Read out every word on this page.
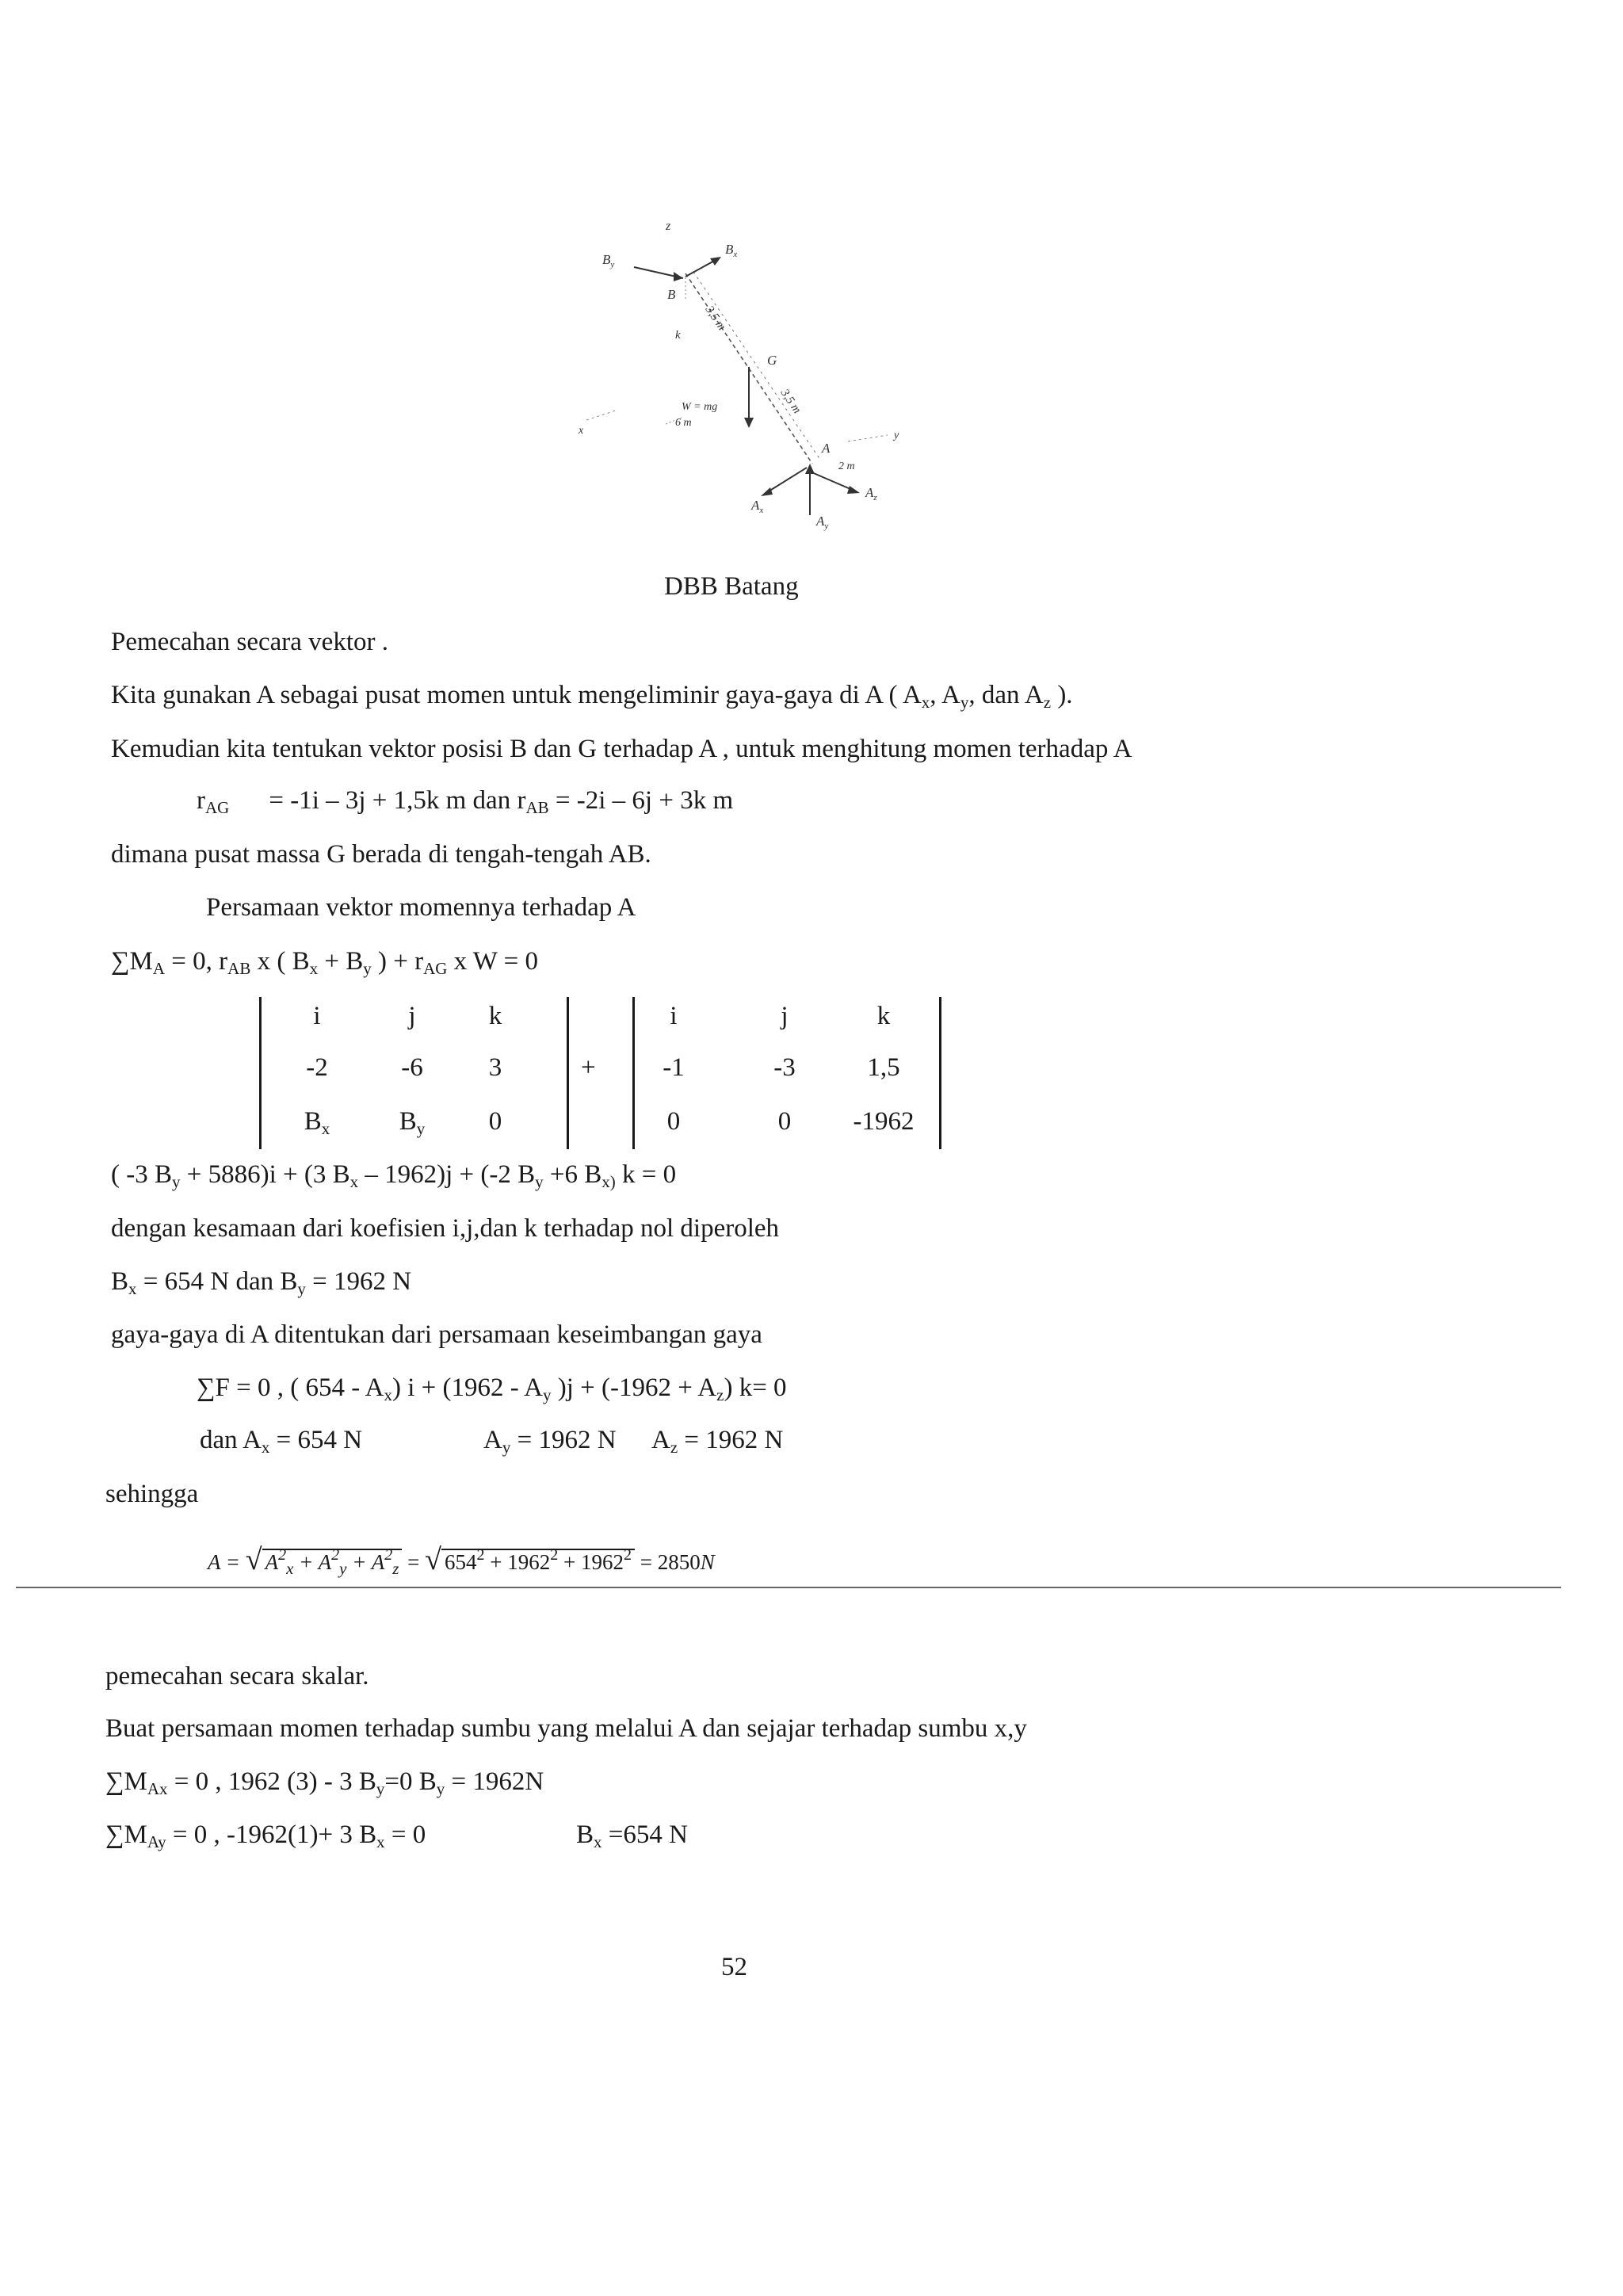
z
$B_y$
$B_x$
B
k
3,5 m
G
W = mg
6 m
x	y
3,5 m
A
2 m
$A_x$
$A_z$
$A_y$
DBB Batang
Pemecahan secara vektor .
Kita gunakan A sebagai pusat momen untuk mengeliminir gaya-gaya di A ( $A_x$, $A_y$, dan $A_z$ ).
Kemudian kita tentukan vektor posisi B dan G terhadap A , untuk menghitung momen terhadap A
$r_{AG} = -1i - 3j + 1,5k$ m dan $r_{AB} = -2i - 6j + 3k$ m
dimana pusat massa G berada di tengah-tengah AB.
Persamaan vektor momennya terhadap A
$\sum M_A = 0$, $r_{AB}$ x ( $B_x + B_y$ ) + $r_{AG}$ x W = 0
i	j	k
-2	-6	3
$B_x$	$B_y$	0
+
i	j	k
-1	-3	1,5
0	0	-1962
( -3 $B_y + 5886)i + (3$ $B_x - 1962)j + (-2$ $B_y +6$ $B_{x)}$ k = 0
dengan kesamaan dari koefisien i,j,dan k terhadap nol diperoleh
$B_x = 654$ N dan $B_y = 1962$ N
gaya-gaya di A ditentukan dari persamaan keseimbangan gaya
∑F = 0 , ( $654 - A_x$) $i + (1962 - A_y$ )$j + (-1962 + A_z)$ k= 0
dan $A_x = 654$ N	$A_y = 1962$ N $A_z = 1962$ N
sehingga
A = √ $A^2_x + A^2_y + A^2_z$ = √ $654^2 + 1962^2 + 1962^2 = 2850N$
pemecahan secara skalar.
Buat persamaan momen terhadap sumbu yang melalui A dan sejajar terhadap sumbu x,y
$\sum M_{Ax} = 0$ , 1962 (3) - 3 $B_y=0$ $B_y = 1962N$
$\sum M_{Ay} = 0$ , -1962(1)+ 3 $B_x = 0$	$B_x =654$ N
52
